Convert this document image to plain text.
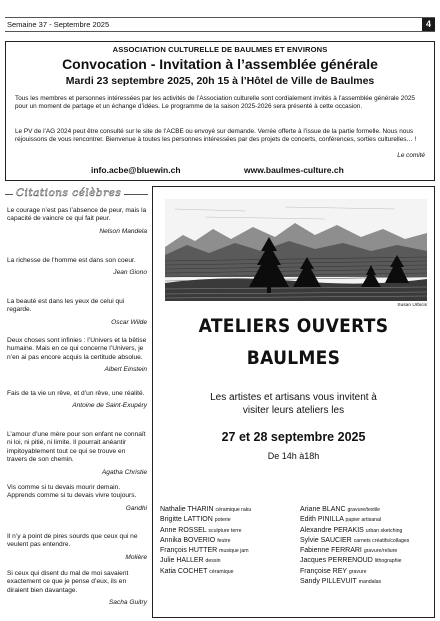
Semaine 37 - Septembre 2025	4
ASSOCIATION CULTURELLE DE BAULMES ET ENVIRONS
Convocation - Invitation à l’assemblée générale
Mardi 23 septembre 2025, 20h 15 à l’Hôtel de Ville de Baulmes
Tous les membres et personnes intéressées par les activités de l’Association culturelle sont cordialement invités à l’assemblée générale 2025 pour un moment de partage et un échange d’idées. Le programme de la saison 2025-2026 sera présenté à cette occasion.
Le PV de l’AG 2024 peut être consulté sur le site de l’ACBE ou envoyé sur demande. Verrée offerte à l’issue de la partie formelle. Nous nous réjouissons de vous rencontrer. Bienvenue à toutes les personnes intéressées par des projets de concerts, conférences, sorties culturelles… !
Le comité
info.acbe@bluewin.ch	www.baulmes-culture.ch
Citations célèbres
Le courage n’est pas l’absence de peur, mais la capacité de vaincre ce qui fait peur.
Nelson Mandela
La richesse de l’homme est dans son coeur.
Jean Giono
La beauté est dans les yeux de celui qui regarde.
Oscar Wilde
Deux choses sont infinies : l’Univers et la bêtise humaine. Mais en ce qui concerne l’Univers, je n’en ai pas encore acquis la certitude absolue.
Albert Einstein
Fais de ta vie un rêve, et d’un rêve, une réalité.
Antoine de Saint-Exupéry
L’amour d’une mère pour son enfant ne connaît ni loi, ni pitié, ni limite. Il pourrait anéantir impitoyablement tout ce qui se trouve en travers de son chemin.
Agatha Christie
Vis comme si tu devais mourir demain. Apprends comme si tu devais vivre toujours.
Gandhi
Il n’y a point de pires sourds que ceux qui ne veulent pas entendre.
Molière
Si ceux qui disent du mal de moi savaient exactement ce que je pense d’eux, ils en diraient bien davantage.
Sacha Guitry
Susan Urbicis
ATELIERS OUVERTS
BAULMES
Les artistes et artisans vous invitent à
visiter leurs ateliers les
27 et 28 septembre 2025
De 14h à18h
Nathalie THARIN céramique raku
Brigitte LATTION poterie
Anne ROSSEL sculpture terre
Annika BOVERIO feutre
François HUTTER musique jam
Julie HALLER dessin
Katia COCHET céramique
Ariane BLANC gravure/textile
Edith PINILLA papier artisanal
Alexandre PERAKIS urban sketching
Sylvie SAUCIER carnets créatifs/collages
Fabienne FERRARI gravure/reliure
Jacques PERRENOUD lithographie
Françoise REY gravure
Sandy PILLEVUIT mandalas
